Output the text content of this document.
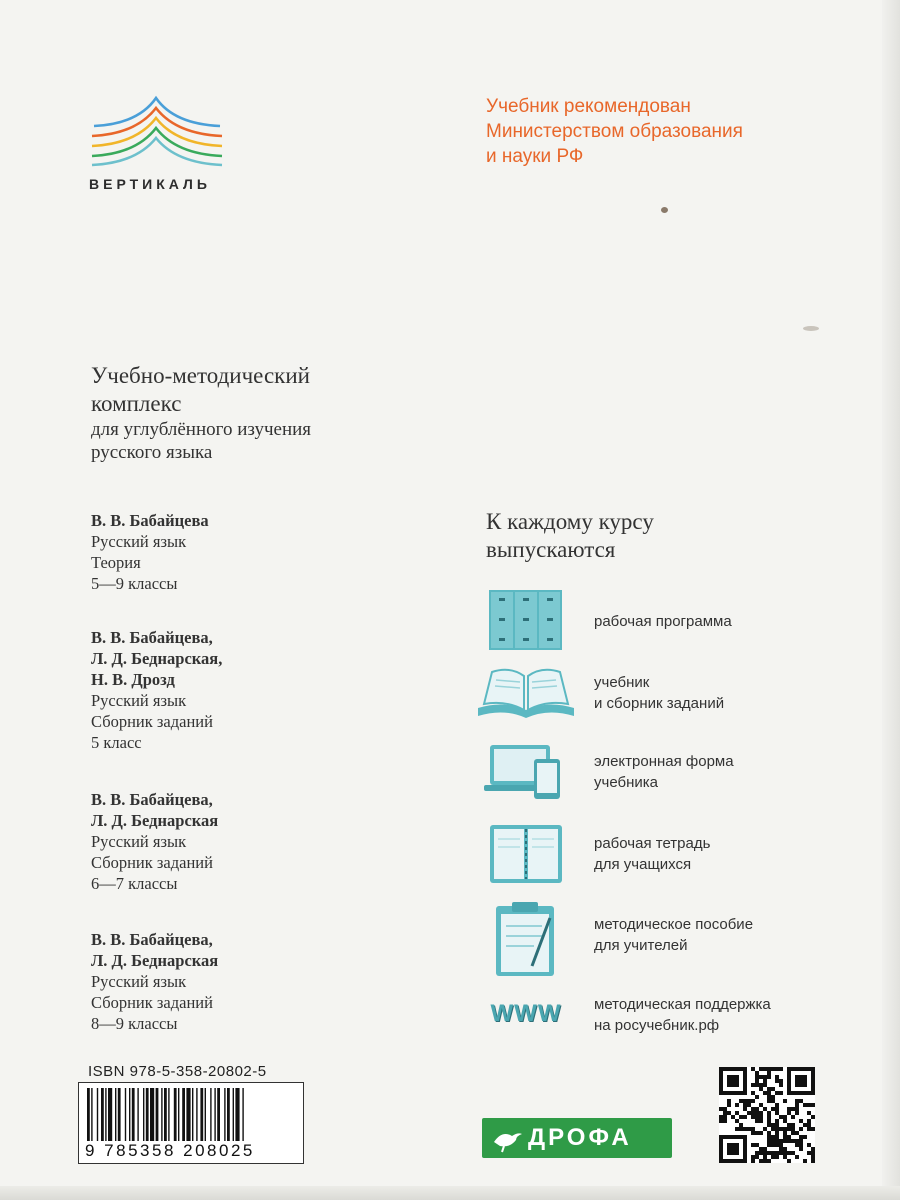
ВЕРТИКАЛЬ
Учебник рекомендован
Министерством образования
и науки РФ
Учебно-методический
комплекс
для углублённого изучения
русского языка
В. В. Бабайцева
Русский язык
Теория
5—9 классы
В. В. Бабайцева,
Л. Д. Беднарская,
Н. В. Дрозд
Русский язык
Сборник заданий
5 класс
В. В. Бабайцева,
Л. Д. Беднарская
Русский язык
Сборник заданий
6—7 классы
В. В. Бабайцева,
Л. Д. Беднарская
Русский язык
Сборник заданий
8—9 классы
ISBN 978-5-358-20802-5
9 785358 208025
К каждому курсу
выпускаются
рабочая программа
учебник
и сборник заданий
электронная форма
учебника
рабочая тетрадь
для учащихся
методическое пособие
для учителей
WWW	методическая поддержка
на росучебник.рф
ДРОФА
